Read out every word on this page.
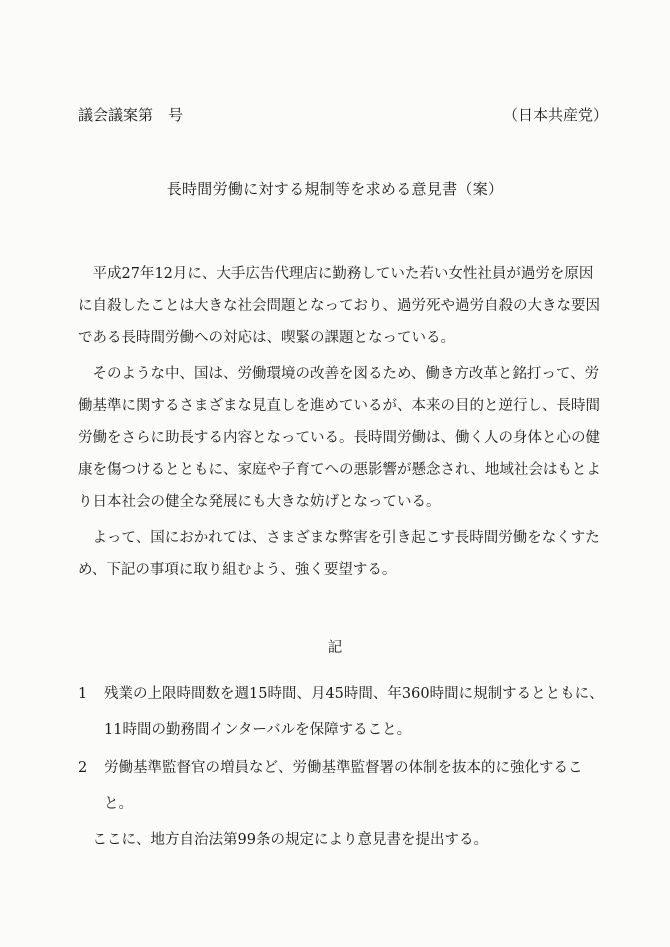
議会議案第　号	（日本共産党）
長時間労働に対する規制等を求める意見書（案）

平成27年12月に、大手広告代理店に勤務していた若い女性社員が過労を原因に自殺したことは大きな社会問題となっており、過労死や過労自殺の大きな要因である長時間労働への対応は、喫緊の課題となっている。

そのような中、国は、労働環境の改善を図るため、働き方改革と銘打って、労働基準に関するさまざまな見直しを進めているが、本来の目的と逆行し、長時間労働をさらに助長する内容となっている。長時間労働は、働く人の身体と心の健康を傷つけるとともに、家庭や子育てへの悪影響が懸念され、地域社会はもとより日本社会の健全な発展にも大きな妨げとなっている。

よって、国におかれては、さまざまな弊害を引き起こす長時間労働をなくすため、下記の事項に取り組むよう、強く要望する。

記
1	残業の上限時間数を週15時間、月45時間、年360時間に規制するとともに、11時間の勤務間インターバルを保障すること。
2	労働基準監督官の増員など、労働基準監督署の体制を抜本的に強化すること。
ここに、地方自治法第99条の規定により意見書を提出する。
